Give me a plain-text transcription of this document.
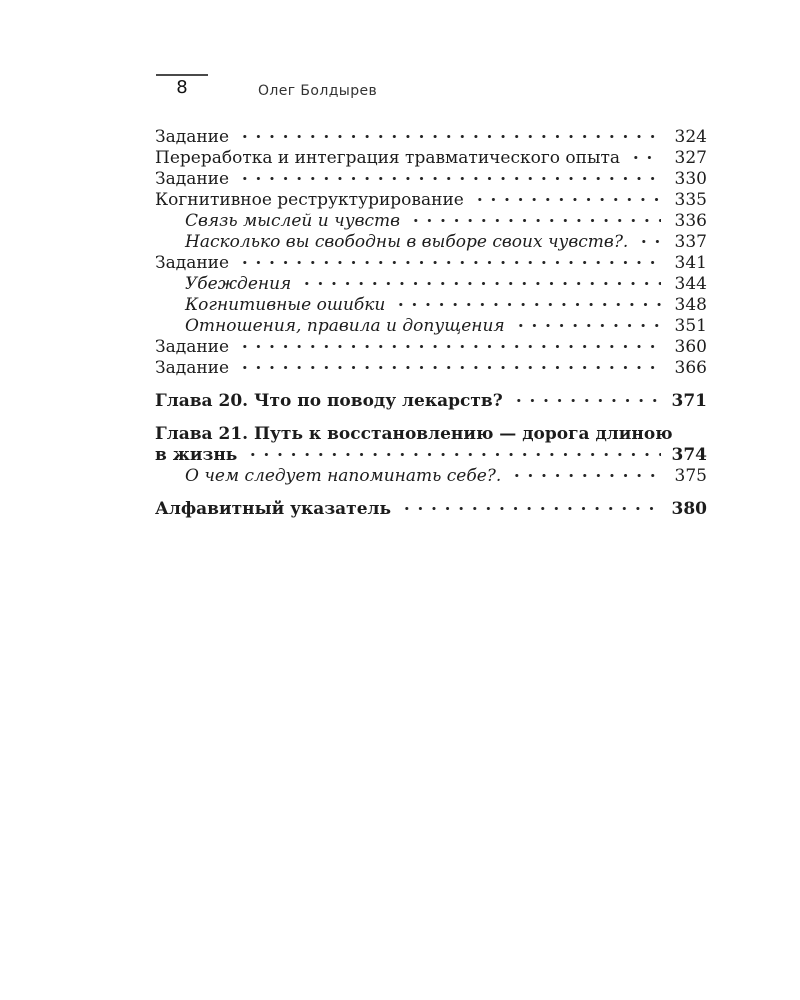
8	Олег Болдырев
Задание	324
Переработка и интеграция травматического опыта	327
Задание	330
Когнитивное реструктурирование	335
Связь мыслей и чувств	336
Насколько вы свободны в выборе своих чувств?.	337
Задание	341
Убеждения	344
Когнитивные ошибки	348
Отношения, правила и допущения	351
Задание	360
Задание	366
Глава 20. Что по поводу лекарств?	371
Глава 21. Путь к восстановлению — дорога длиною
в жизнь	374
О чем следует напоминать себе?.	375
Алфавитный указатель	380
